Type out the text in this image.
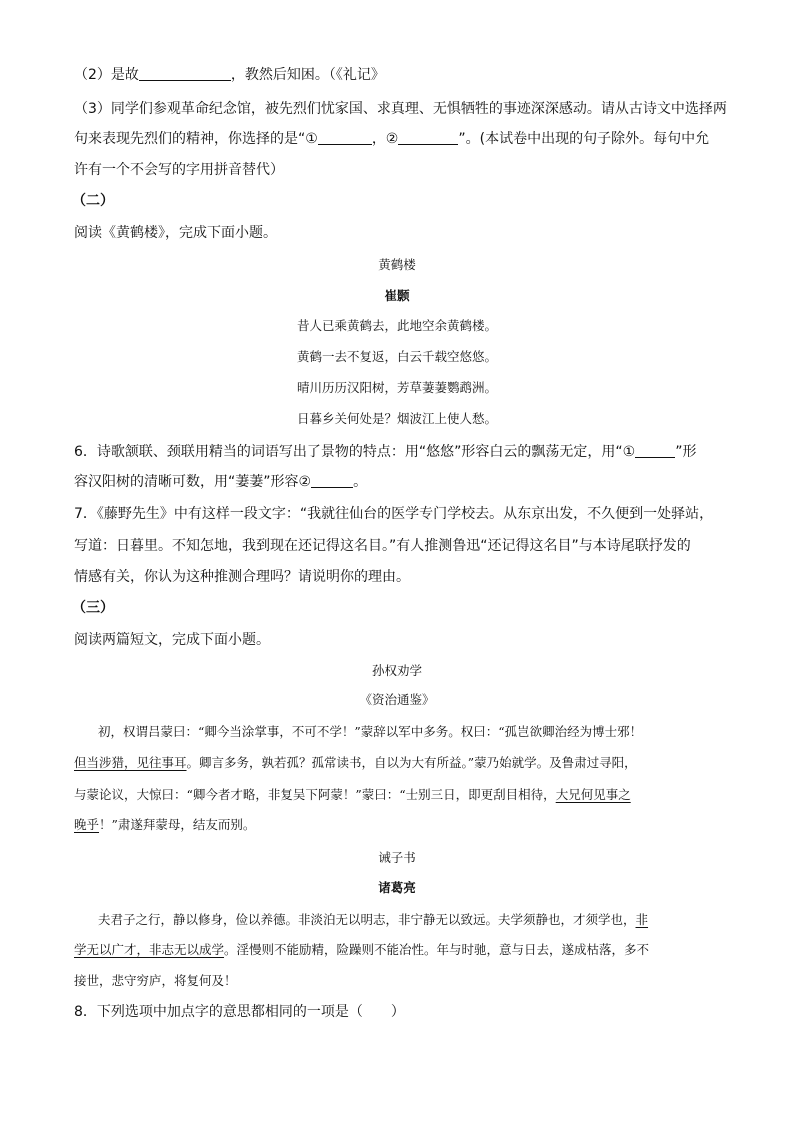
（2）是故	，教然后知困。（《礼记》
（3）同学们参观革命纪念馆，被先烈们忧家国、求真理、无惧牺牲的事迹深深感动。请从古诗文中选择两
句来表现先烈们的精神，你选择的是“①	，②	”。(本试卷中出现的句子除外。每句中允
许有一个不会写的字用拼音替代）
（二）
阅读《黄鹤楼》，完成下面小题。
黄鹤楼
崔颢
昔人已乘黄鹤去，此地空余黄鹤楼。
黄鹤一去不复返，白云千载空悠悠。
晴川历历汉阳树，芳草萋萋鹦鹉洲。
日暮乡关何处是？烟波江上使人愁。
6．诗歌颔联、颈联用精当的词语写出了景物的特点：用“悠悠”形容白云的飘荡无定，用“①	”形
容汉阳树的清晰可数，用“萋萋”形容②	。
7．《藤野先生》中有这样一段文字：“我就往仙台的医学专门学校去。从东京出发，不久便到一处驿站，
写道：日暮里。不知怎地，我到现在还记得这名目。”有人推测鲁迅“还记得这名目”与本诗尾联抒发的
情感有关，你认为这种推测合理吗？请说明你的理由。
（三）
阅读两篇短文，完成下面小题。
孙权劝学
《资治通鉴》
初，权谓吕蒙曰：“卿今当涂掌事，不可不学！”蒙辞以军中多务。权曰：“孤岂欲卿治经为博士邪！
但当涉猎，见往事耳。卿言多务，孰若孤？孤常读书，自以为大有所益。”蒙乃始就学。及鲁肃过寻阳，
与蒙论议，大惊曰：“卿今者才略，非复吴下阿蒙！”蒙曰：“士别三日，即更刮目相待，大兄何见事之
晚乎！”肃遂拜蒙母，结友而别。
诫子书
诸葛亮
夫君子之行，静以修身，俭以养德。非淡泊无以明志，非宁静无以致远。夫学须静也，才须学也，非
学无以广才，非志无以成学。淫慢则不能励精，险躁则不能冶性。年与时驰，意与日去，遂成枯落，多不
接世，悲守穷庐，将复何及！
8．下列选项中加点字的意思都相同的一项是（　　）
